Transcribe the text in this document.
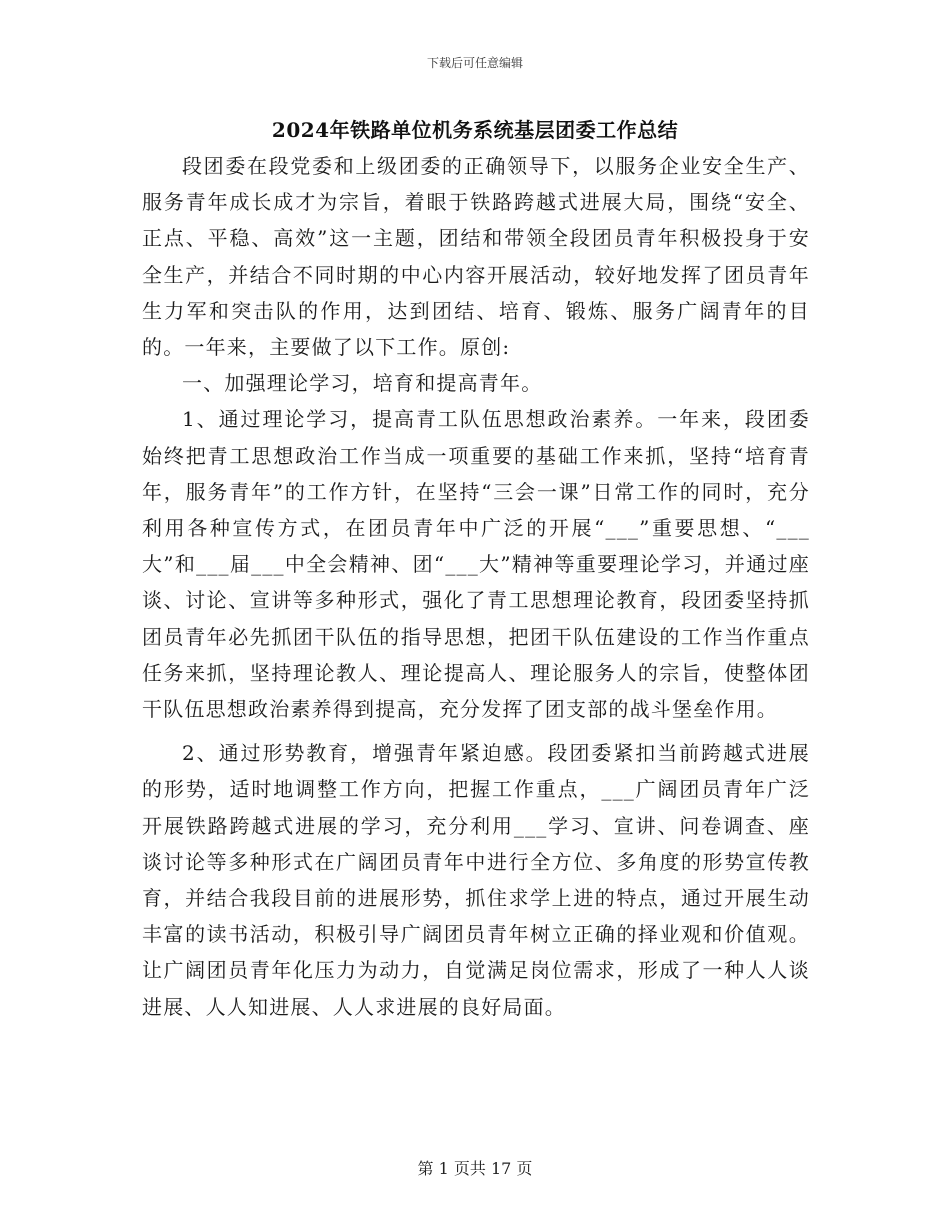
下载后可任意编辑
2024年铁路单位机务系统基层团委工作总结

段团委在段党委和上级团委的正确领导下，以服务企业安全生产、服务青年成长成才为宗旨，着眼于铁路跨越式进展大局，围绕“安全、正点、平稳、高效”这一主题，团结和带领全段团员青年积极投身于安全生产，并结合不同时期的中心内容开展活动，较好地发挥了团员青年生力军和突击队的作用，达到团结、培育、锻炼、服务广阔青年的目的。一年来，主要做了以下工作。原创:

一、加强理论学习，培育和提高青年。

1、通过理论学习，提高青工队伍思想政治素养。一年来，段团委始终把青工思想政治工作当成一项重要的基础工作来抓，坚持“培育青年，服务青年”的工作方针，在坚持“三会一课”日常工作的同时，充分利用各种宣传方式，在团员青年中广泛的开展“___”重要思想、“___大”和___届___中全会精神、团“___大”精神等重要理论学习，并通过座谈、讨论、宣讲等多种形式，强化了青工思想理论教育，段团委坚持抓团员青年必先抓团干队伍的指导思想，把团干队伍建设的工作当作重点任务来抓，坚持理论教人、理论提高人、理论服务人的宗旨，使整体团干队伍思想政治素养得到提高，充分发挥了团支部的战斗堡垒作用。

2、通过形势教育，增强青年紧迫感。段团委紧扣当前跨越式进展的形势，适时地调整工作方向，把握工作重点，___广阔团员青年广泛开展铁路跨越式进展的学习，充分利用___学习、宣讲、问卷调查、座谈讨论等多种形式在广阔团员青年中进行全方位、多角度的形势宣传教育，并结合我段目前的进展形势，抓住求学上进的特点，通过开展生动丰富的读书活动，积极引导广阔团员青年树立正确的择业观和价值观。让广阔团员青年化压力为动力，自觉满足岗位需求，形成了一种人人谈进展、人人知进展、人人求进展的良好局面。

第 1 页共 17 页
